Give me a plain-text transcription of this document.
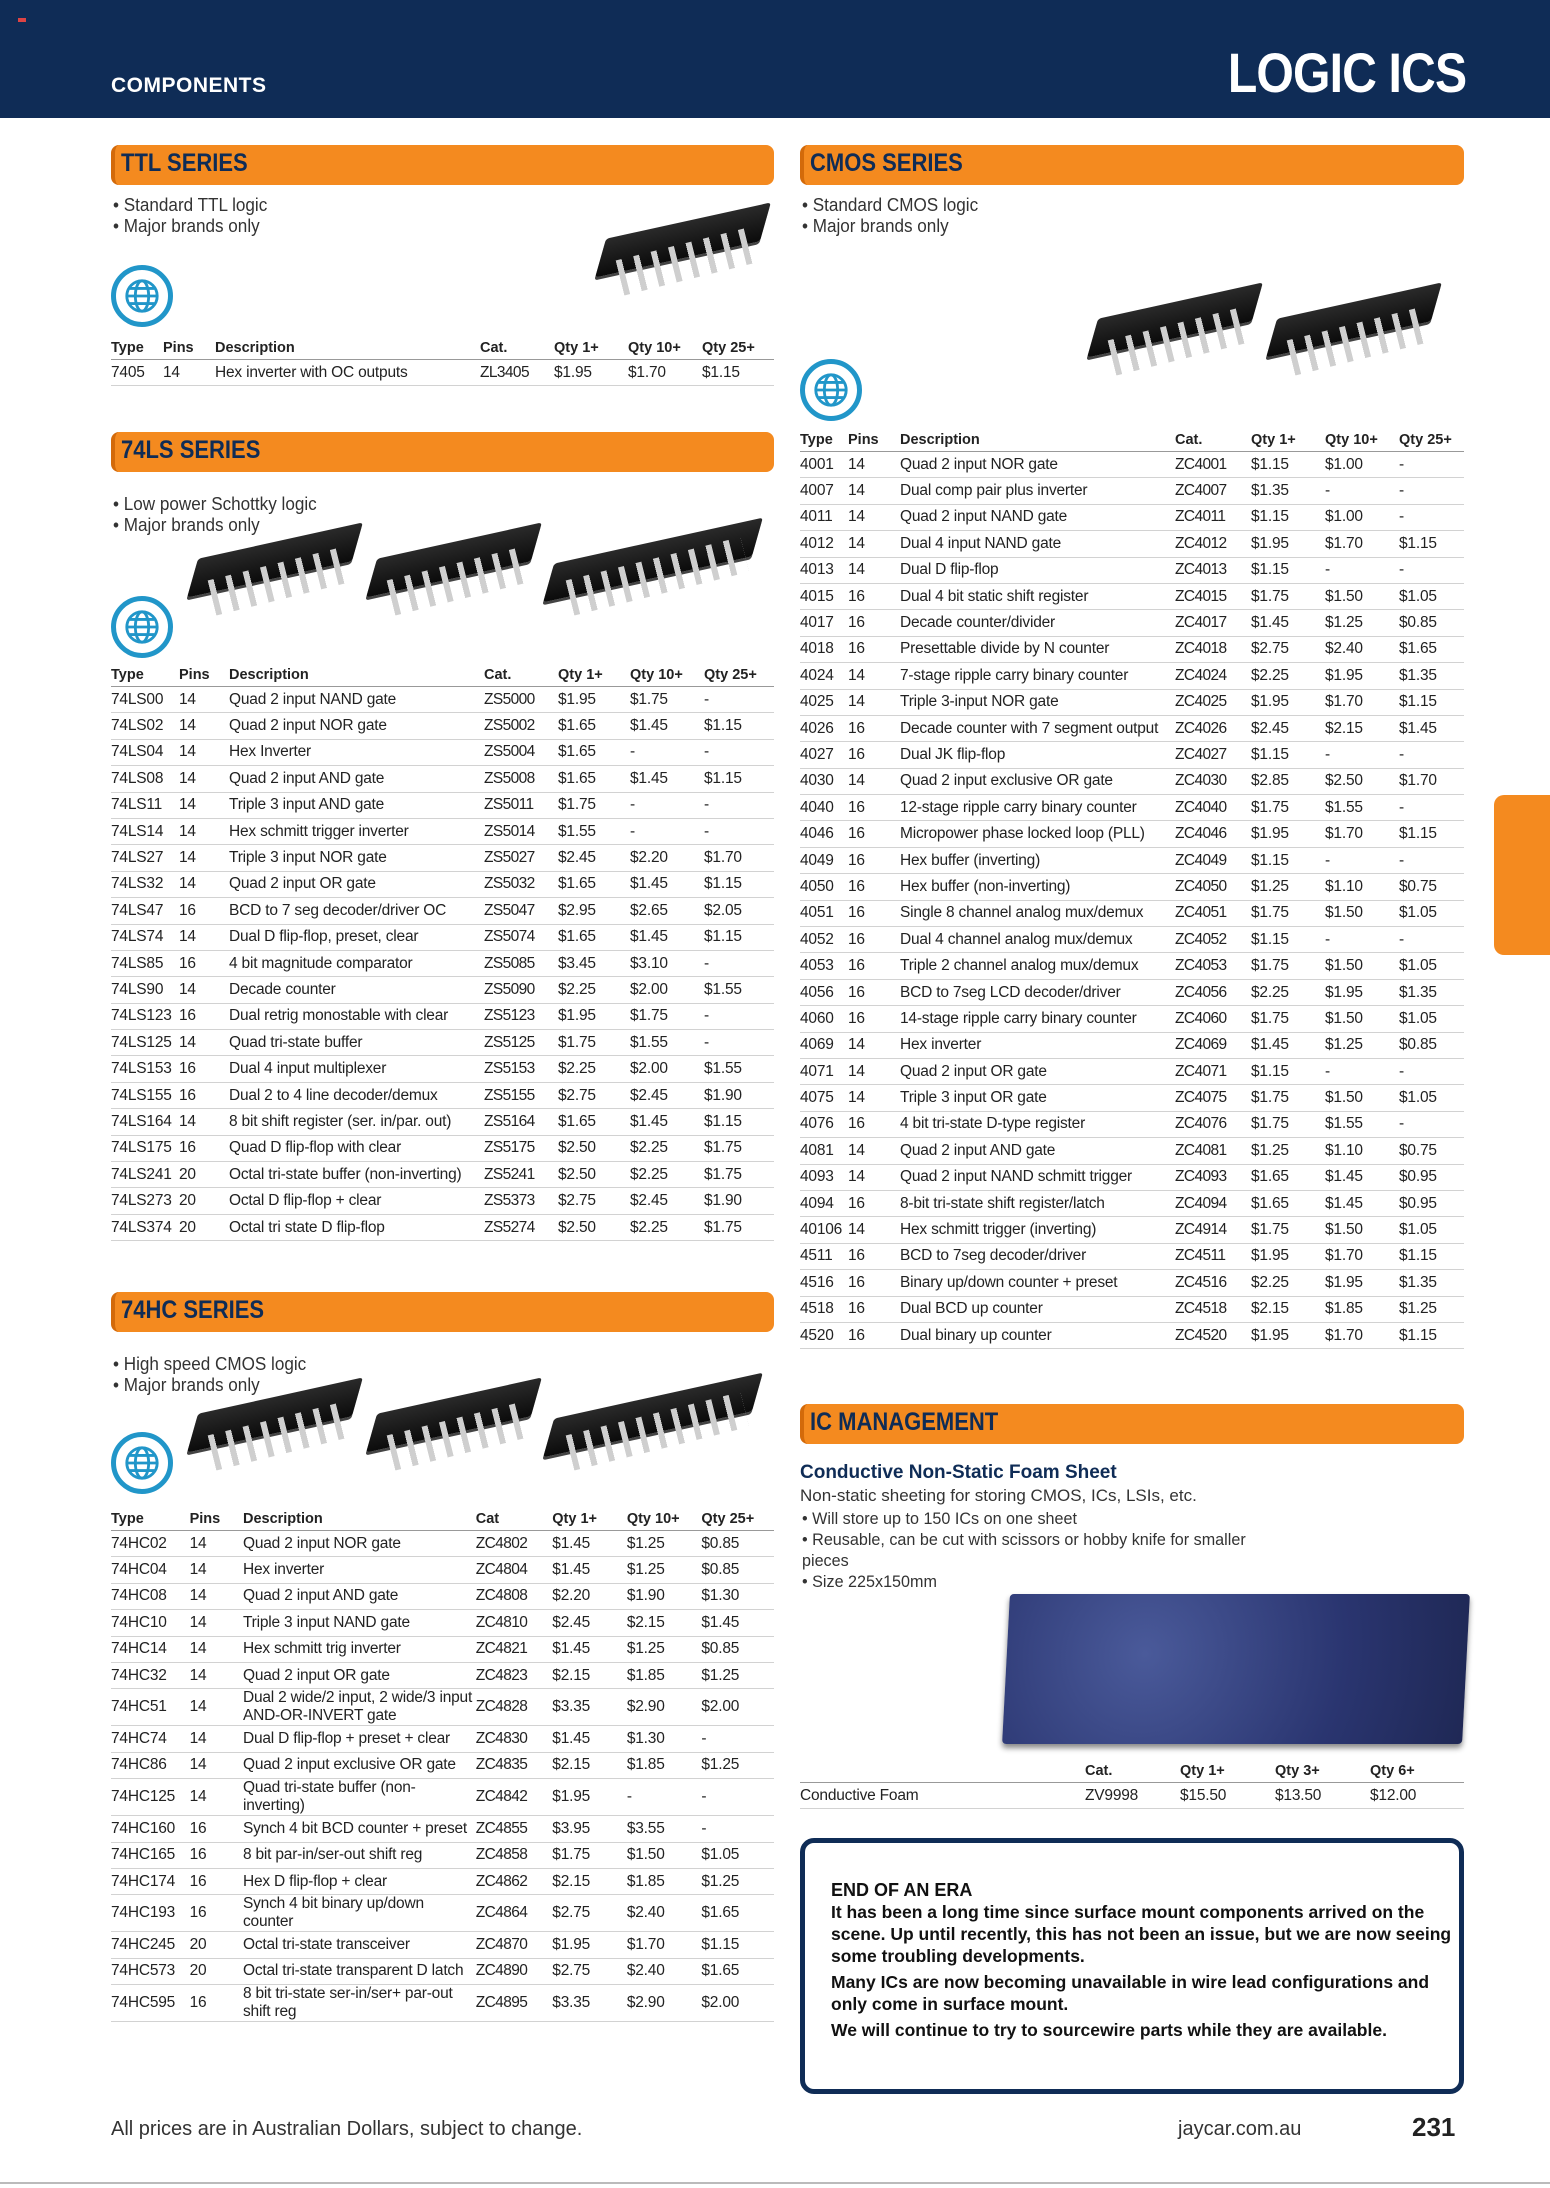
COMPONENTS	LOGIC ICS
TTL SERIES
• Standard TTL logic
• Major brands only
Type	Pins	Description	Cat.	Qty 1+	Qty 10+	Qty 25+
7405	14	Hex inverter with OC outputs	ZL3405	$1.95	$1.70	$1.15
74LS SERIES
• Low power Schottky logic
• Major brands only
Type	Pins	Description	Cat.	Qty 1+	Qty 10+	Qty 25+
74LS00	14	Quad 2 input NAND gate	ZS5000	$1.95	$1.75	-
74LS02	14	Quad 2 input NOR gate	ZS5002	$1.65	$1.45	$1.15
74LS04	14	Hex Inverter	ZS5004	$1.65	-	-
74LS08	14	Quad 2 input AND gate	ZS5008	$1.65	$1.45	$1.15
74LS11	14	Triple 3 input AND gate	ZS5011	$1.75	-	-
74LS14	14	Hex schmitt trigger inverter	ZS5014	$1.55	-	-
74LS27	14	Triple 3 input NOR gate	ZS5027	$2.45	$2.20	$1.70
74LS32	14	Quad 2 input OR gate	ZS5032	$1.65	$1.45	$1.15
74LS47	16	BCD to 7 seg decoder/driver OC	ZS5047	$2.95	$2.65	$2.05
74LS74	14	Dual D flip-flop, preset, clear	ZS5074	$1.65	$1.45	$1.15
74LS85	16	4 bit magnitude comparator	ZS5085	$3.45	$3.10	-
74LS90	14	Decade counter	ZS5090	$2.25	$2.00	$1.55
74LS123	16	Dual retrig monostable with clear	ZS5123	$1.95	$1.75	-
74LS125	14	Quad tri-state buffer	ZS5125	$1.75	$1.55	-
74LS153	16	Dual 4 input multiplexer	ZS5153	$2.25	$2.00	$1.55
74LS155	16	Dual 2 to 4 line decoder/demux	ZS5155	$2.75	$2.45	$1.90
74LS164	14	8 bit shift register (ser. in/par. out)	ZS5164	$1.65	$1.45	$1.15
74LS175	16	Quad D flip-flop with clear	ZS5175	$2.50	$2.25	$1.75
74LS241	20	Octal tri-state buffer (non-inverting)	ZS5241	$2.50	$2.25	$1.75
74LS273	20	Octal D flip-flop + clear	ZS5373	$2.75	$2.45	$1.90
74LS374	20	Octal tri state D flip-flop	ZS5274	$2.50	$2.25	$1.75
74HC SERIES
• High speed CMOS logic
• Major brands only
Type	Pins	Description	Cat	Qty 1+	Qty 10+	Qty 25+
74HC02	14	Quad 2 input NOR gate	ZC4802	$1.45	$1.25	$0.85
74HC04	14	Hex inverter	ZC4804	$1.45	$1.25	$0.85
74HC08	14	Quad 2 input AND gate	ZC4808	$2.20	$1.90	$1.30
74HC10	14	Triple 3 input NAND gate	ZC4810	$2.45	$2.15	$1.45
74HC14	14	Hex schmitt trig inverter	ZC4821	$1.45	$1.25	$0.85
74HC32	14	Quad 2 input OR gate	ZC4823	$2.15	$1.85	$1.25
74HC51	14	Dual 2 wide/2 input, 2 wide/3 input AND-OR-INVERT gate	ZC4828	$3.35	$2.90	$2.00
74HC74	14	Dual D flip-flop + preset + clear	ZC4830	$1.45	$1.30	-
74HC86	14	Quad 2 input exclusive OR gate	ZC4835	$2.15	$1.85	$1.25
74HC125	14	Quad tri-state buffer (non-inverting)	ZC4842	$1.95	-	-
74HC160	16	Synch 4 bit BCD counter + preset	ZC4855	$3.95	$3.55	-
74HC165	16	8 bit par-in/ser-out shift reg	ZC4858	$1.75	$1.50	$1.05
74HC174	16	Hex D flip-flop + clear	ZC4862	$2.15	$1.85	$1.25
74HC193	16	Synch 4 bit binary up/down counter	ZC4864	$2.75	$2.40	$1.65
74HC245	20	Octal tri-state transceiver	ZC4870	$1.95	$1.70	$1.15
74HC573	20	Octal tri-state transparent D latch	ZC4890	$2.75	$2.40	$1.65
74HC595	16	8 bit tri-state ser-in/ser+ par-out shift reg	ZC4895	$3.35	$2.90	$2.00
CMOS SERIES
• Standard CMOS logic
• Major brands only
Type	Pins	Description	Cat.	Qty 1+	Qty 10+	Qty 25+
4001	14	Quad 2 input NOR gate	ZC4001	$1.15	$1.00	-
4007	14	Dual comp pair plus inverter	ZC4007	$1.35	-	-
4011	14	Quad 2 input NAND gate	ZC4011	$1.15	$1.00	-
4012	14	Dual 4 input NAND gate	ZC4012	$1.95	$1.70	$1.15
4013	14	Dual D flip-flop	ZC4013	$1.15	-	-
4015	16	Dual 4 bit static shift register	ZC4015	$1.75	$1.50	$1.05
4017	16	Decade counter/divider	ZC4017	$1.45	$1.25	$0.85
4018	16	Presettable divide by N counter	ZC4018	$2.75	$2.40	$1.65
4024	14	7-stage ripple carry binary counter	ZC4024	$2.25	$1.95	$1.35
4025	14	Triple 3-input NOR gate	ZC4025	$1.95	$1.70	$1.15
4026	16	Decade counter with 7 segment output	ZC4026	$2.45	$2.15	$1.45
4027	16	Dual JK flip-flop	ZC4027	$1.15	-	-
4030	14	Quad 2 input exclusive OR gate	ZC4030	$2.85	$2.50	$1.70
4040	16	12-stage ripple carry binary counter	ZC4040	$1.75	$1.55	-
4046	16	Micropower phase locked loop (PLL)	ZC4046	$1.95	$1.70	$1.15
4049	16	Hex buffer (inverting)	ZC4049	$1.15	-	-
4050	16	Hex buffer (non-inverting)	ZC4050	$1.25	$1.10	$0.75
4051	16	Single 8 channel analog mux/demux	ZC4051	$1.75	$1.50	$1.05
4052	16	Dual 4 channel analog mux/demux	ZC4052	$1.15	-	-
4053	16	Triple 2 channel analog mux/demux	ZC4053	$1.75	$1.50	$1.05
4056	16	BCD to 7seg LCD decoder/driver	ZC4056	$2.25	$1.95	$1.35
4060	16	14-stage ripple carry binary counter	ZC4060	$1.75	$1.50	$1.05
4069	14	Hex inverter	ZC4069	$1.45	$1.25	$0.85
4071	14	Quad 2 input OR gate	ZC4071	$1.15	-	-
4075	14	Triple 3 input OR gate	ZC4075	$1.75	$1.50	$1.05
4076	16	4 bit tri-state D-type register	ZC4076	$1.75	$1.55	-
4081	14	Quad 2 input AND gate	ZC4081	$1.25	$1.10	$0.75
4093	14	Quad 2 input NAND schmitt trigger	ZC4093	$1.65	$1.45	$0.95
4094	16	8-bit tri-state shift register/latch	ZC4094	$1.65	$1.45	$0.95
40106	14	Hex schmitt trigger (inverting)	ZC4914	$1.75	$1.50	$1.05
4511	16	BCD to 7seg decoder/driver	ZC4511	$1.95	$1.70	$1.15
4516	16	Binary up/down counter + preset	ZC4516	$2.25	$1.95	$1.35
4518	16	Dual BCD up counter	ZC4518	$2.15	$1.85	$1.25
4520	16	Dual binary up counter	ZC4520	$1.95	$1.70	$1.15
IC MANAGEMENT
Conductive Non-Static Foam Sheet
Non-static sheeting for storing CMOS, ICs, LSIs, etc.
• Will store up to 150 ICs on one sheet
• Reusable, can be cut with scissors or hobby knife for smaller pieces
• Size 225x150mm
	Cat.	Qty 1+	Qty 3+	Qty 6+
Conductive Foam	ZV9998	$15.50	$13.50	$12.00

END OF AN ERA

It has been a long time since surface mount components arrived on the scene. Up until recently, this has not been an issue, but we are now seeing some troubling developments.

Many ICs are now becoming unavailable in wire lead configurations and only come in surface mount.

We will continue to try to sourcewire parts while they are available.

All prices are in Australian Dollars, subject to change.	jaycar.com.au	231
